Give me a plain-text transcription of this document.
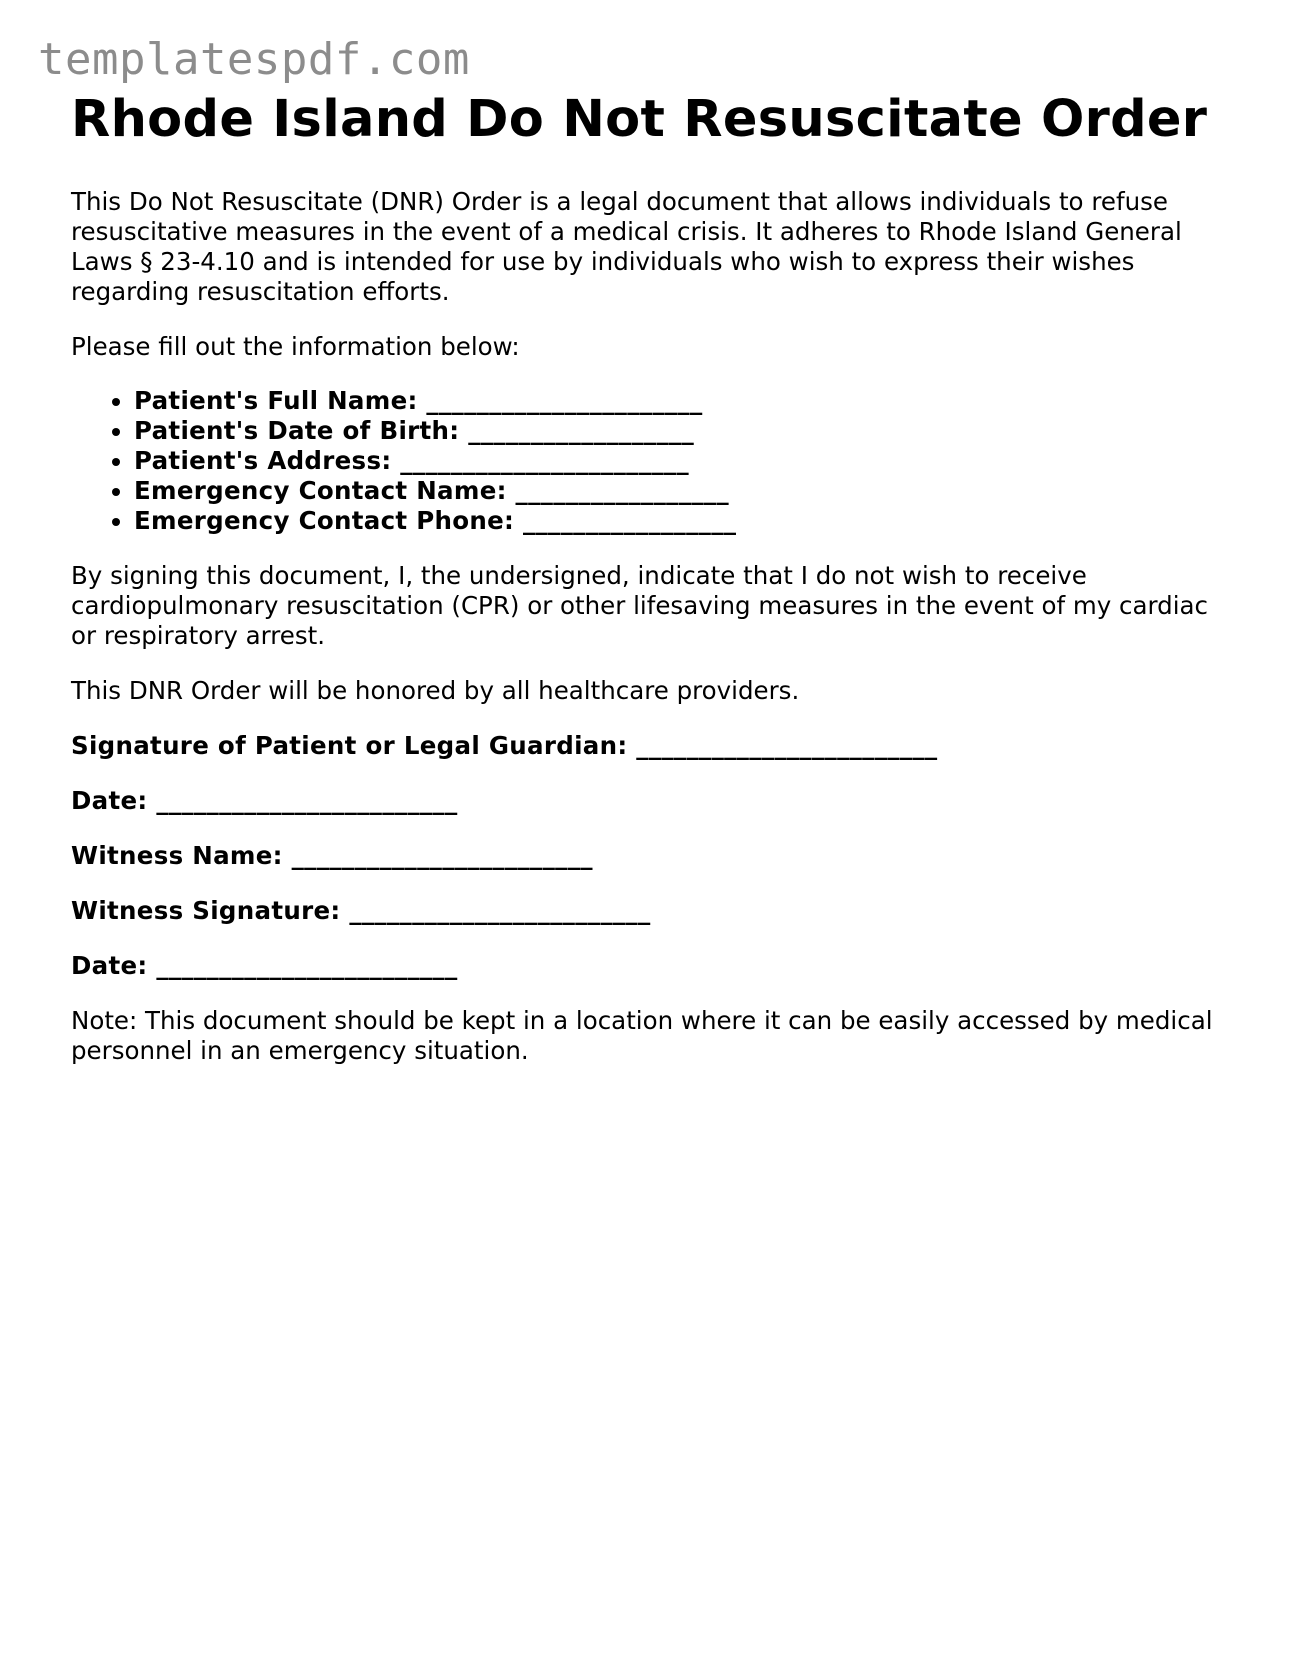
templatespdf.com
Rhode Island Do Not Resuscitate Order

This Do Not Resuscitate (DNR) Order is a legal document that allows individuals to refuse resuscitative measures in the event of a medical crisis. It adheres to Rhode Island General Laws § 23-4.10 and is intended for use by individuals who wish to express their wishes regarding resuscitation efforts.

Please fill out the information below:

• Patient's Full Name: ______________________
• Patient's Date of Birth: __________________
• Patient's Address: _______________________
• Emergency Contact Name: _________________
• Emergency Contact Phone: _________________

By signing this document, I, the undersigned, indicate that I do not wish to receive cardiopulmonary resuscitation (CPR) or other lifesaving measures in the event of my cardiac or respiratory arrest.

This DNR Order will be honored by all healthcare providers.

Signature of Patient or Legal Guardian: ________________________

Date: ________________________

Witness Name: ________________________

Witness Signature: ________________________

Date: ________________________

Note: This document should be kept in a location where it can be easily accessed by medical personnel in an emergency situation.
